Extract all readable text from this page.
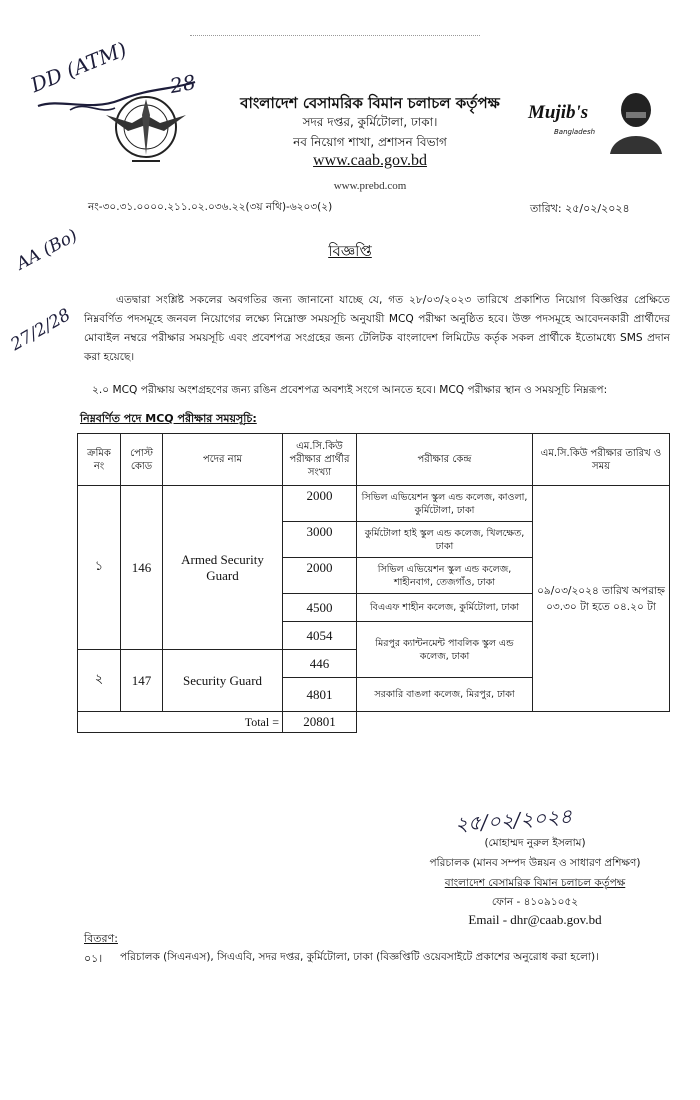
DD (ATM) 28
বাংলাদেশ বেসামরিক বিমান চলাচল কর্তৃপক্ষ
সদর দপ্তর, কুর্মিটোলা, ঢাকা।
নব নিয়োগ শাখা, প্রশাসন বিভাগ
www.caab.gov.bd
www.prebd.com
Mujib's
Bangladesh
নং-৩০.৩১.০০০০.২১১.০২.০৩৬.২২(৩য় নথি)-৬২০৩(২)	তারিখ: ২৫/০২/২০২৪
AA (Bo)
27/2/28
বিজ্ঞপ্তি
এতদ্বারা সংশ্লিষ্ট সকলের অবগতির জন্য জানানো যাচ্ছে যে, গত ২৮/০৩/২০২৩ তারিখে প্রকাশিত নিয়োগ বিজ্ঞপ্তির প্রেক্ষিতে নিম্নবর্ণিত পদসমূহে জনবল নিয়োগের লক্ষ্যে নিম্নোক্ত সময়সূচি অনুযায়ী MCQ পরীক্ষা অনুষ্ঠিত হবে। উক্ত পদসমূহে আবেদনকারী প্রার্থীদের মোবাইল নম্বরে পরীক্ষার সময়সূচি এবং প্রবেশপত্র সংগ্রহের জন্য টেলিটক বাংলাদেশ লিমিটেড কর্তৃক সকল প্রার্থীকে ইতোমধ্যে SMS প্রদান করা হয়েছে।
২.০ MCQ পরীক্ষায় অংশগ্রহণের জন্য রঙিন প্রবেশপত্র অবশ্যই সংগে আনতে হবে। MCQ পরীক্ষার স্থান ও সময়সূচি নিম্নরূপ:
নিম্নবর্ণিত পদে MCQ পরীক্ষার সময়সূচি:
ক্রমিক নং	পোস্ট কোড	পদের নাম	এম.সি.কিউ পরীক্ষার প্রার্থীর সংখ্যা	পরীক্ষার কেন্দ্র	এম.সি.কিউ পরীক্ষার তারিখ ও সময়
১	146	Armed Security Guard	2000	সিভিল এভিয়েশন স্কুল এন্ড কলেজ, কাওলা, কুর্মিটোলা, ঢাকা	০৯/০৩/২০২৪ তারিখ অপরাহ্ন ০৩.৩০ টা হতে ০৪.২০ টা
			3000	কুর্মিটোলা হাই স্কুল এন্ড কলেজ, খিলক্ষেত, ঢাকা	
			2000	সিভিল এভিয়েশন স্কুল এন্ড কলেজ, শাহীনবাগ, তেজগাঁও, ঢাকা	
			4500	বিএএফ শাহীন কলেজ, কুর্মিটোলা, ঢাকা	
			4054	মিরপুর ক্যান্টনমেন্ট পাবলিক স্কুল এন্ড কলেজ, ঢাকা	
২	147	Security Guard	446		
			4801	সরকারি বাঙলা কলেজ, মিরপুর, ঢাকা	
Total =			20801		
২৫/০২/২০২৪
(মোহাম্মদ নুরুল ইসলাম)
পরিচালক (মানব সম্পদ উন্নয়ন ও সাধারণ প্রশিক্ষণ)
বাংলাদেশ বেসামরিক বিমান চলাচল কর্তৃপক্ষ
ফোন - ৪১০৯১০৫২
Email - dhr@caab.gov.bd
বিতরণ:
০১। পরিচালক (সিএনএস), সিএএবি, সদর দপ্তর, কুর্মিটোলা, ঢাকা (বিজ্ঞপ্তিটি ওয়েবসাইটে প্রকাশের অনুরোধ করা হলো)।
